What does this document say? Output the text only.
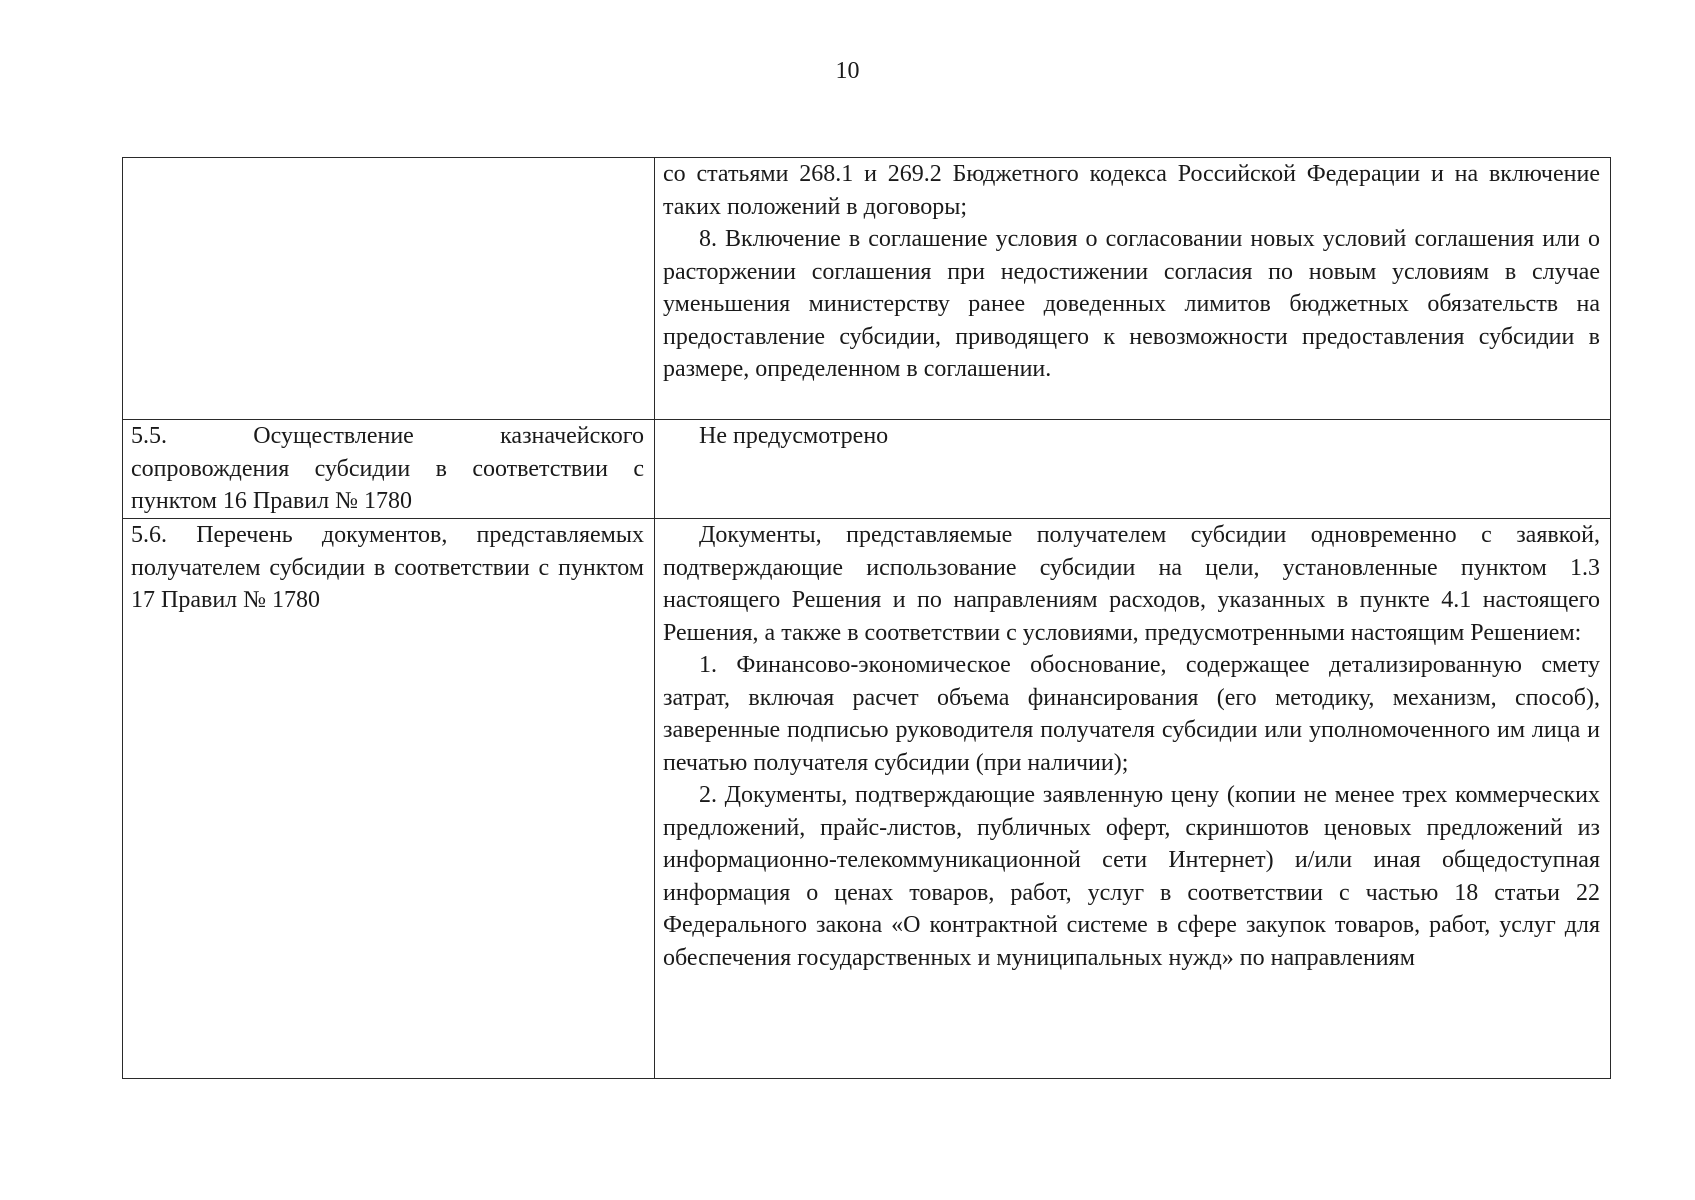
10

	со статьями 268.1 и 269.2 Бюджетного кодекса Российской Федерации и на включение таких положений в договоры;

8. Включение в соглашение условия о согласовании новых условий соглашения или о расторжении соглашения при недостижении согласия по новым условиям в случае уменьшения министерству ранее доведенных лимитов бюджетных обязательств на предоставление субсидии, приводящего к невозможности предоставления субсидии в размере, определенном в соглашении.

5.5. Осуществление казначейского сопровождения субсидии в соответствии с пунктом 16 Правил № 1780	Не предусмотрено

5.6. Перечень документов, представляемых получателем субсидии в соответствии с пунктом 17 Правил № 1780	Документы, представляемые получателем субсидии одновременно с заявкой, подтверждающие использование субсидии на цели, установленные пунктом 1.3 настоящего Решения и по направлениям расходов, указанных в пункте 4.1 настоящего Решения, а также в соответствии с условиями, предусмотренными настоящим Решением:

1. Финансово-экономическое обоснование, содержащее детализированную смету затрат, включая расчет объема финансирования (его методику, механизм, способ), заверенные подписью руководителя получателя субсидии или уполномоченного им лица и печатью получателя субсидии (при наличии);

2. Документы, подтверждающие заявленную цену (копии не менее трех коммерческих предложений, прайс-листов, публичных оферт, скриншотов ценовых предложений из информационно-телекоммуникационной сети Интернет) и/или иная общедоступная информация о ценах товаров, работ, услуг в соответствии с частью 18 статьи 22 Федерального закона «О контрактной системе в сфере закупок товаров, работ, услуг для обеспечения государственных и муниципальных нужд» по направлениям
